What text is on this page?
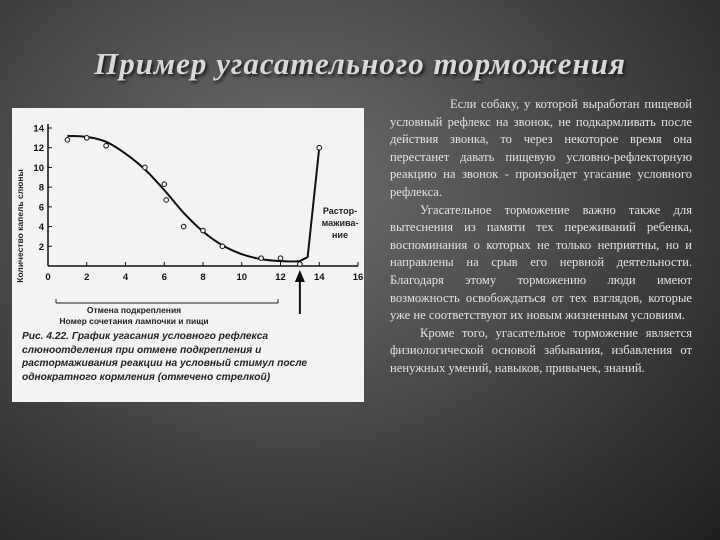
Пример угасательного торможения
0	2	4	6	8	10	12	14	16
2
4
6
8
10
12
14
Количество капель слюны
Номер сочетания лампочки и пищи
Отмена подкрепления
Растор-мажива-ние
Рис. 4.22. График угасания условного рефлекса слюноотделения при отмене подкрепления и растормаживания реакции на условный стимул после однократного кормления (отмечено стрелкой)

Если собаку, у которой выработан пищевой условный рефлекс на звонок, не подкармливать после действия звонка, то через некоторое время она перестанет давать пищевую условно-рефлекторную реакцию на звонок - произойдет угасание условного рефлекса.

Угасательное торможение важно также для вытеснения из памяти тех переживаний ребенка, воспоминания о которых не только неприятны, но и направлены на срыв его нервной деятельности. Благодаря этому торможению люди имеют возможность освобождаться от тех взглядов, которые уже не соответствуют их новым жизненным условиям.

Кроме того, угасательное торможение является физиологической основой забывания, избавления от ненужных умений, навыков, привычек, знаний.
